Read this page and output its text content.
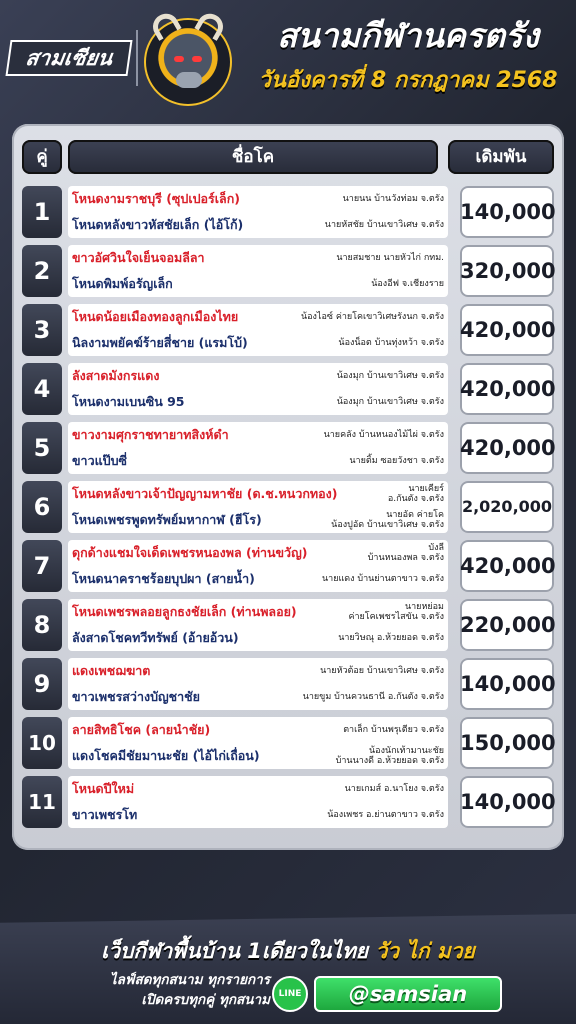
สามเซียน
สนามกีฬานครตรัง
วันอังคารที่ 8 กรกฎาคม 2568
คู่	ชื่อโค	เดิมพัน
1	โหนดงามราชบุรี (ซุปเปอร์เล็ก)	นายนน บ้านวังท่อม จ.ตรัง
โหนดหลังขาวหัสชัยเล็ก (ไอ้โก้)	นายหัสชัย บ้านเขาวิเศษ จ.ตรัง
140,000
2	ขาวอัศวินใจเย็นจอมลีลา	นายสมชาย นายหัวไก่ กทม.
โหนดพิมพ์อรัญเล็ก	น้องอีฟ จ.เชียงราย
320,000
3	โหนดน้อยเมืองทองลูกเมืองไทย	น้องไอซ์ ค่ายโคเขาวิเศษรังนก จ.ตรัง
นิลงามพยัคฆ์ร้ายสี่ชาย (แรมโบ้)	น้องน็อต บ้านทุ่งหว้า จ.ตรัง
420,000
4	ลังสาดมังกรแดง	น้องมุก บ้านเขาวิเศษ จ.ตรัง
โหนดงามเบนซิน 95	น้องมุก บ้านเขาวิเศษ จ.ตรัง
420,000
5	ขาวงามศุกราชทายาทสิงห์ดำ	นายคลัง บ้านหนองไม้ไผ่ จ.ตรัง
ขาวแป๊บซี่	นายติ้ม ซอยวังชา จ.ตรัง
420,000
6	โหนดหลังขาวเจ้าปัญญามหาชัย (ด.ช.หนวกทอง)	นายเคียร์
อ.กันตัง จ.ตรัง
โหนดเพชรพูดทรัพย์มหากาฬ (ฮีโร)	นายอัด ค่ายโค
น้องปูอัด บ้านเขาวิเศษ จ.ตรัง
2,020,000
7	ดุกด้างแชมใจเด็ดเพชรหนองพล (ท่านขวัญ)	บังลี
บ้านหนองพล จ.ตรัง
โหนดนาคราชร้อยบุปผา (สายน้ำ)	นายแดง บ้านย่านตาขาว จ.ตรัง
420,000
8	โหนดเพชรพลอยลูกธงชัยเล็ก (ท่านพลอย)	นายหย่อม
ค่ายโคเพชรไสขัน จ.ตรัง
ลังสาดโชคทวีทรัพย์ (อ้ายอ้วน)	นายวิษณุ อ.ห้วยยอด จ.ตรัง
220,000
9	แดงเพชฌฆาต	นายหัวต้อย บ้านเขาวิเศษ จ.ตรัง
ขาวเพชรสว่างบัญชาชัย	นายขูม บ้านควนธานี อ.กันตัง จ.ตรัง
140,000
10
ลายสิทธิโชค (ลายนำชัย)	ตาเล็ก บ้านพรุเตียว จ.ตรัง
แดงโชคมีชัยมานะชัย (ไอ้ไก่เถื่อน)	น้องนักเท้ามานะชัย
บ้านนางดี อ.ห้วยยอด จ.ตรัง
150,000
11
โหนดปีใหม่	นายเกมส์ อ.นาโยง จ.ตรัง
ขาวเพชรโท	น้องเพชร อ.ย่านตาขาว จ.ตรัง
140,000
เว็บกีฬาพื้นบ้าน 1เดียวในไทย วัว ไก่ มวย
ไลฟ์สดทุกสนาม ทุกรายการ
เปิดครบทุกคู่ ทุกสนาม LINE	@samsian
